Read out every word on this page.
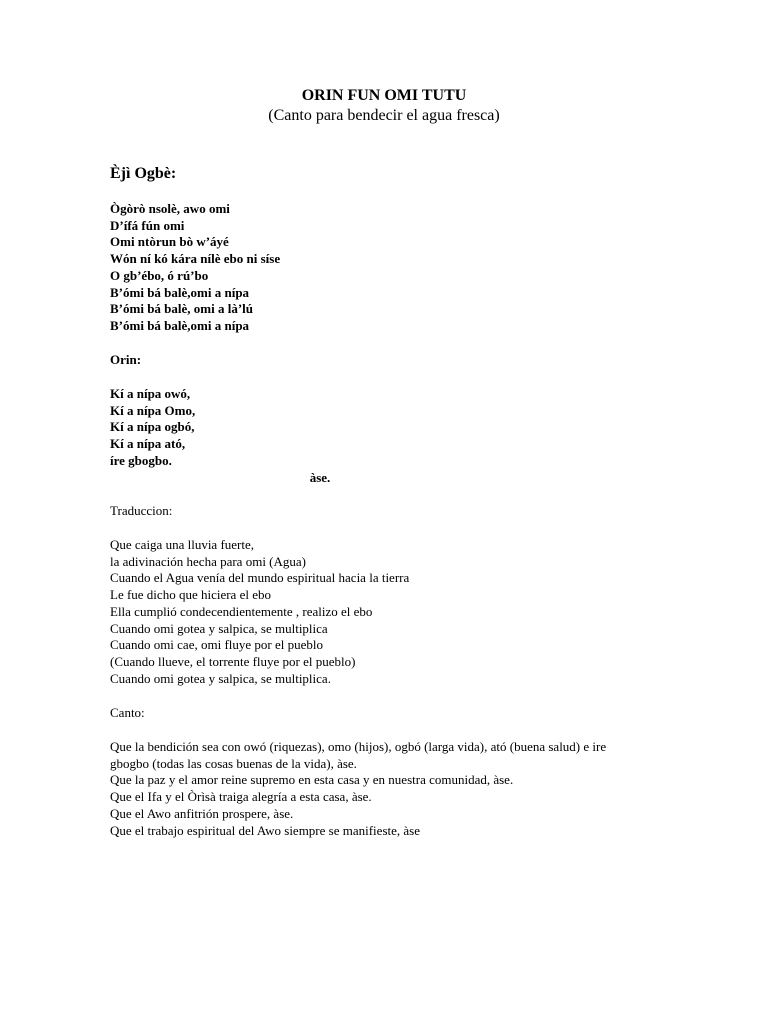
ORIN FUN OMI TUTU
(Canto para bendecir el agua fresca)
Èjì Ogbè:
Ògòrò nsolè, awo omi
D’ífá fún omi
Omi ntòrun bò w’áyé
Wón ní kó kára nílè ebo ni síse
O gb’ébo, ó rú’bo
B’ómi bá balè,omi a nípa
B’ómi bá balè, omi a là’lú
B’ómi bá balè,omi a nípa
Orin:
Kí a nípa owó,
Kí a nípa Omo,
Kí a nípa ogbó,
Kí a nípa ató,
íre gbogbo.
àse.
Traduccion:
Que caiga una lluvia fuerte,
la adivinación hecha para omi (Agua)
Cuando el Agua venía del mundo espiritual hacia la tierra
Le fue dicho que hiciera el ebo
Ella cumplió condecendientemente , realizo el ebo
Cuando omi gotea y salpica, se multiplica
Cuando omi cae, omi fluye por el pueblo
(Cuando llueve, el torrente fluye por el pueblo)
Cuando omi gotea y salpica, se multiplica.
Canto:
Que la bendición sea con owó (riquezas), omo (hijos), ogbó (larga vida), ató (buena salud) e ire gbogbo (todas las cosas buenas de la vida), àse.
Que la paz y el amor reine supremo en esta casa y en nuestra comunidad, àse.
Que el Ifa y el Òrìsà traiga alegría a esta casa, àse.
Que el Awo anfitrión prospere, àse.
Que el trabajo espiritual del Awo siempre se manifieste, àse
